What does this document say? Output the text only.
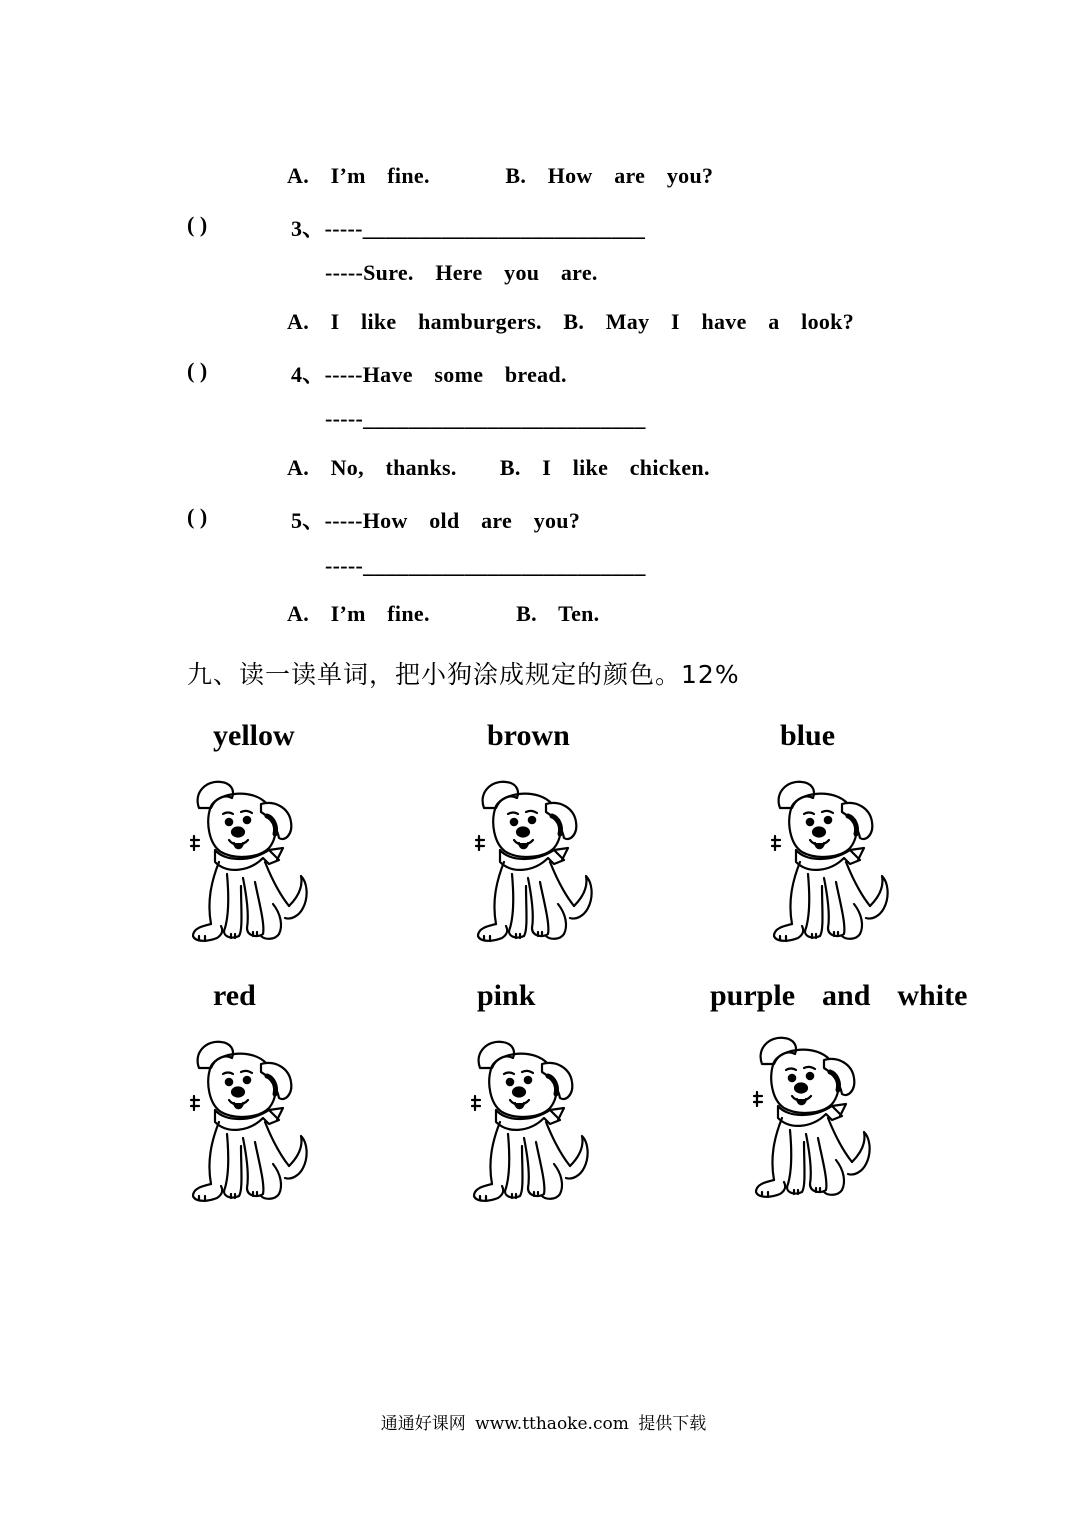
A.  I’m  fine.       B.  How  are  you?
( )	3、-----_________________________
-----Sure.  Here  you  are.
A.  I  like  hamburgers.  B.  May  I  have  a  look?
( )	4、-----Have  some  bread.
-----_________________________
A.  No,  thanks.    B.  I  like  chicken.
( )	5、-----How  old  are  you?
-----_________________________
A.  I’m  fine.        B.  Ten.
九、读一读单词，把小狗涂成规定的颜色。12%
yellow	brown	blue
red	pink	purple  and  white
通通好课网 www.tthaoke.com 提供下载
